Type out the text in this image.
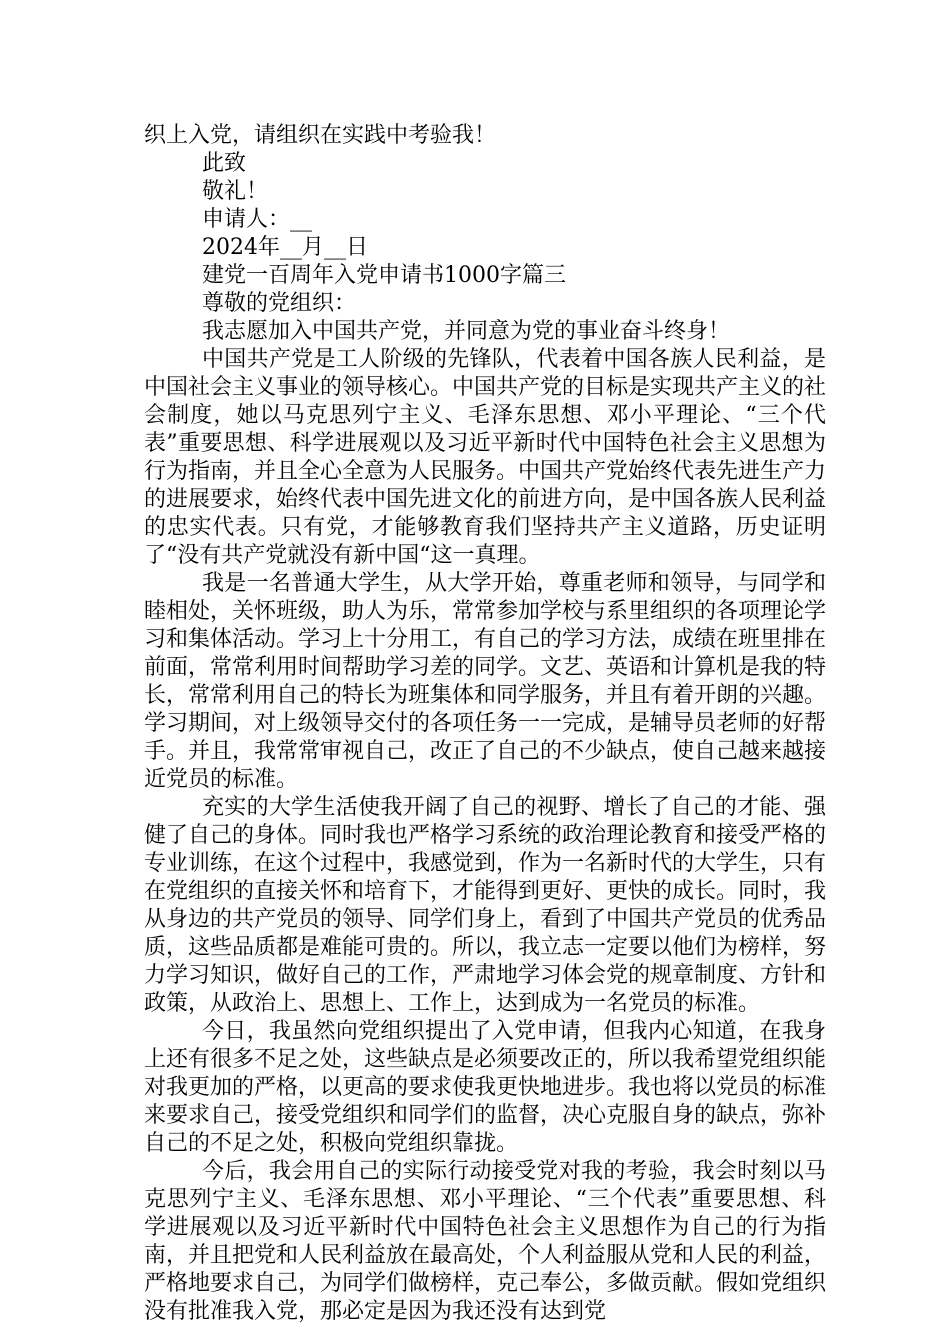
织上入党，请组织在实践中考验我！

此致

敬礼！

申请人：__

2024年__月__日

建党一百周年入党申请书1000字篇三

尊敬的党组织：

我志愿加入中国共产党，并同意为党的事业奋斗终身！

中国共产党是工人阶级的先锋队，代表着中国各族人民利益，是中国社会主义事业的领导核心。中国共产党的目标是实现共产主义的社会制度，她以马克思列宁主义、毛泽东思想、邓小平理论、“三个代表”重要思想、科学进展观以及习近平新时代中国特色社会主义思想为行为指南，并且全心全意为人民服务。中国共产党始终代表先进生产力的进展要求，始终代表中国先进文化的前进方向，是中国各族人民利益的忠实代表。只有党，才能够教育我们坚持共产主义道路，历史证明了“没有共产党就没有新中国“这一真理。

我是一名普通大学生，从大学开始，尊重老师和领导，与同学和睦相处，关怀班级，助人为乐，常常参加学校与系里组织的各项理论学习和集体活动。学习上十分用工，有自己的学习方法，成绩在班里排在前面，常常利用时间帮助学习差的同学。文艺、英语和计算机是我的特长，常常利用自己的特长为班集体和同学服务，并且有着开朗的兴趣。学习期间，对上级领导交付的各项任务一一完成，是辅导员老师的好帮手。并且，我常常审视自己，改正了自己的不少缺点，使自己越来越接近党员的标准。

充实的大学生活使我开阔了自己的视野、增长了自己的才能、强健了自己的身体。同时我也严格学习系统的政治理论教育和接受严格的专业训练，在这个过程中，我感觉到，作为一名新时代的大学生，只有在党组织的直接关怀和培育下，才能得到更好、更快的成长。同时，我从身边的共产党员的领导、同学们身上，看到了中国共产党员的优秀品质，这些品质都是难能可贵的。所以，我立志一定要以他们为榜样，努力学习知识，做好自己的工作，严肃地学习体会党的规章制度、方针和政策，从政治上、思想上、工作上，达到成为一名党员的标准。

今日，我虽然向党组织提出了入党申请，但我内心知道，在我身上还有很多不足之处，这些缺点是必须要改正的，所以我希望党组织能对我更加的严格，以更高的要求使我更快地进步。我也将以党员的标准来要求自己，接受党组织和同学们的监督，决心克服自身的缺点，弥补自己的不足之处，积极向党组织靠拢。

今后，我会用自己的实际行动接受党对我的考验，我会时刻以马克思列宁主义、毛泽东思想、邓小平理论、“三个代表”重要思想、科学进展观以及习近平新时代中国特色社会主义思想作为自己的行为指南，并且把党和人民利益放在最高处，个人利益服从党和人民的利益，严格地要求自己，为同学们做榜样，克己奉公，多做贡献。假如党组织没有批准我入党，那必定是因为我还没有达到党
